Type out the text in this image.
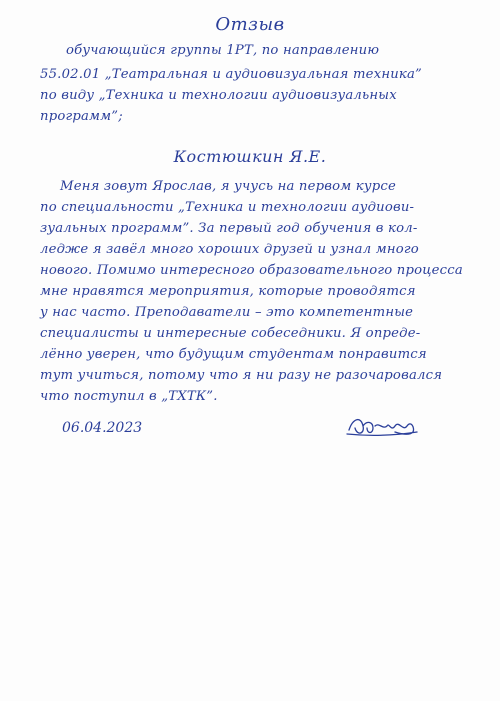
Отзыв
обучающийся группы 1РТ, по направлению
55.02.01 „Театральная и аудиовизуальная техника”
по виду „Техника и технологии аудиовизуальных
программ”;
Костюшкин Я.Е.
Меня зовут Ярослав, я учусь на первом курсе
по специальности „Техника и технологии аудиови-
зуальных программ”. За первый год обучения в кол-
ледже я завёл много хороших друзей и узнал много
нового. Помимо интересного образовательного процесса
мне нравятся мероприятия, которые проводятся
у нас часто. Преподаватели – это компетентные
специалисты и интересные собеседники. Я опреде-
лённо уверен, что будущим студентам понравится
тут учиться, потому что я ни разу не разочаровался
что поступил в „ТХТК”.
06.04.2023
